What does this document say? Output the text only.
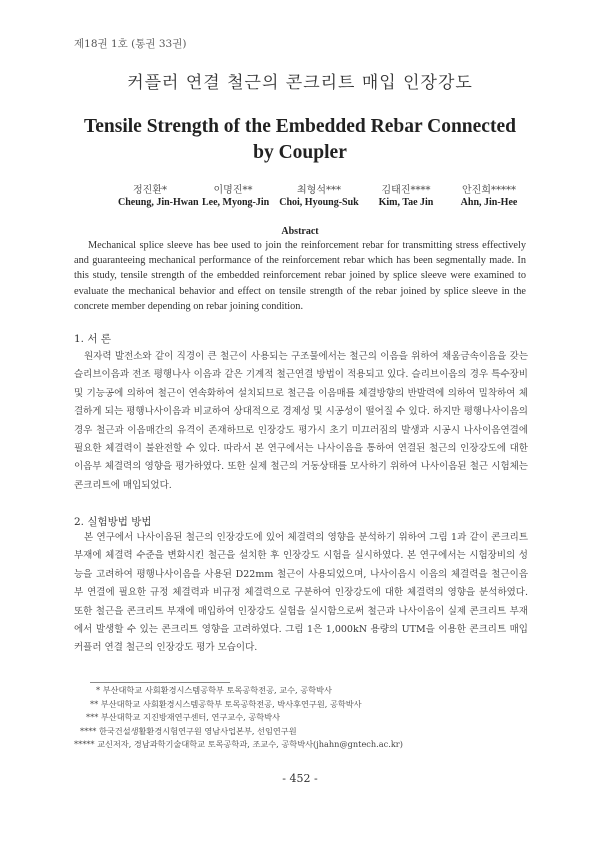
제18권 1호 (통권 33권)
커플러 연결 철근의 콘크리트 매입 인장강도
Tensile Strength of the Embedded Rebar Connected by Coupler
정진환*
Cheung, Jin-Hwan
이명진**
Lee, Myong-Jin
최형석***
Choi, Hyoung-Suk
김태진****
Kim, Tae Jin
안진희*****
Ahn, Jin-Hee
Abstract
Mechanical splice sleeve has bee used to join the reinforcement rebar for transmitting stress effectively and guaranteeing mechanical performance of the reinforcement rebar which has been segmentally made. In this study, tensile strength of the embedded reinforcement rebar joined by splice sleeve were examined to evaluate the mechanical behavior and effect on tensile strength of the rebar joined by splice sleeve in the concrete member depending on rebar joining condition.
1. 서 론
원자력 발전소와 같이 직경이 큰 철근이 사용되는 구조물에서는 철근의 이음을 위하여 채움금속이음을 갖는 슬리브이음과 전조 평행나사 이음과 같은 기계적 철근연결 방법이 적용되고 있다. 슬리브이음의 경우 특수장비 및 기능공에 의하여 철근이 연속화하여 설치되므로 철근을 이음매를 체결방향의 반발력에 의하여 밀착하여 체결하게 되는 평행나사이음과 비교하여 상대적으로 경제성 및 시공성이 떨어질 수 있다. 하지만 평행나사이음의 경우 철근과 이음매간의 유격이 존재하므로 인장강도 평가시 초기 미끄러짐의 발생과 시공시 나사이음연결에 필요한 체결력이 불완전할 수 있다. 따라서 본 연구에서는 나사이음을 통하여 연결된 철근의 인장강도에 대한 이음부 체결력의 영향을 평가하였다. 또한 실제 철근의 거동상태를 모사하기 위하여 나사이음된 철근 시험체는 콘크리트에 매입되었다.
2. 실험방법 방법
본 연구에서 나사이음된 철근의 인장강도에 있어 체결력의 영향을 분석하기 위하여 그림 1과 같이 콘크리트 부재에 체결력 수준을 변화시킨 철근을 설치한 후 인장강도 시험을 실시하였다. 본 연구에서는 시험장비의 성능을 고려하여 평행나사이음을 사용된 D22mm 철근이 사용되었으며, 나사이음시 이음의 체결력을 철근이음부 연결에 필요한 규정 체결력과 비규정 체결력으로 구분하여 인장강도에 대한 체결력의 영향을 분석하였다. 또한 철근을 콘크리트 부재에 매입하여 인장강도 실험을 실시함으로써 철근과 나사이음이 실제 콘크리트 부재에서 발생할 수 있는 콘크리트 영향을 고려하였다. 그림 1은 1,000kN 용량의 UTM을 이용한 콘크리트 매입 커플러 연결 철근의 인장강도 평가 모습이다.
* 부산대학교 사회환경시스템공학부 토목공학전공, 교수, 공학박사
** 부산대학교 사회환경시스템공학부 토목공학전공, 박사후연구원, 공학박사
*** 부산대학교 지진방재연구센터, 연구교수, 공학박사
**** 한국건설생활환경시험연구원 영남사업본부, 선임연구원
***** 교신저자, 경남과학기술대학교 토목공학과, 조교수, 공학박사(jhahn@gntech.ac.kr)
- 452 -
